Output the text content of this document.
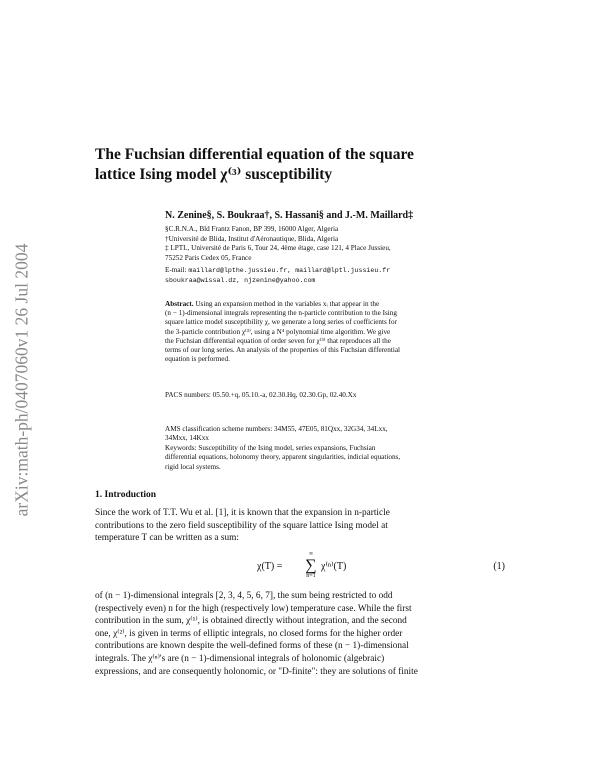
arXiv:math-ph/0407060v1 26 Jul 2004
The Fuchsian differential equation of the square
lattice Ising model χ⁽³⁾ susceptibility
N. Zenine§, S. Boukraa†, S. Hassani§ and J.-M. Maillard‡
§C.R.N.A., Bld Frantz Fanon, BP 399, 16000 Alger, Algeria
†Université de Blida, Institut d'Aéronautique, Blida, Algeria
‡ LPTL, Université de Paris 6, Tour 24, 4ème étage, case 121, 4 Place Jussieu,
75252 Paris Cedex 05, France
E-mail: maillard@lpthe.jussieu.fr, maillard@lptl.jussieu.fr
sboukraa@wissal.dz, njzenine@yahoo.com
Abstract. Using an expansion method in the variables xᵢ that appear in the
(n − 1)-dimensional integrals representing the n-particle contribution to the Ising
square lattice model susceptibility χ, we generate a long series of coefficients for
the 3-particle contribution χ⁽³⁾, using a N⁴ polynomial time algorithm. We give
the Fuchsian differential equation of order seven for χ⁽³⁾ that reproduces all the
terms of our long series. An analysis of the properties of this Fuchsian differential
equation is performed.
PACS numbers: 05.50.+q, 05.10.-a, 02.30.Hq, 02.30.Gp, 02.40.Xx
AMS classification scheme numbers: 34M55, 47E05, 81Qxx, 32G34, 34Lxx,
34Mxx, 14Kxx
Keywords: Susceptibility of the Ising model, series expansions, Fuchsian
differential equations, holonomy theory, apparent singularities, indicial equations,
rigid local systems.
1. Introduction
Since the work of T.T. Wu et al. [1], it is known that the expansion in n-particle
contributions to the zero field susceptibility of the square lattice Ising model at
temperature T can be written as a sum:
χ(T) =
∞
∑
n=1
χ⁽ⁿ⁾(T)	(1)
of (n − 1)-dimensional integrals [2, 3, 4, 5, 6, 7], the sum being restricted to odd
(respectively even) n for the high (respectively low) temperature case. While the first
contribution in the sum, χ⁽¹⁾, is obtained directly without integration, and the second
one, χ⁽²⁾, is given in terms of elliptic integrals, no closed forms for the higher order
contributions are known despite the well-defined forms of these (n − 1)-dimensional
integrals. The χ⁽ⁿ⁾'s are (n − 1)-dimensional integrals of holonomic (algebraic)
expressions, and are consequently holonomic, or "D-finite": they are solutions of finite
